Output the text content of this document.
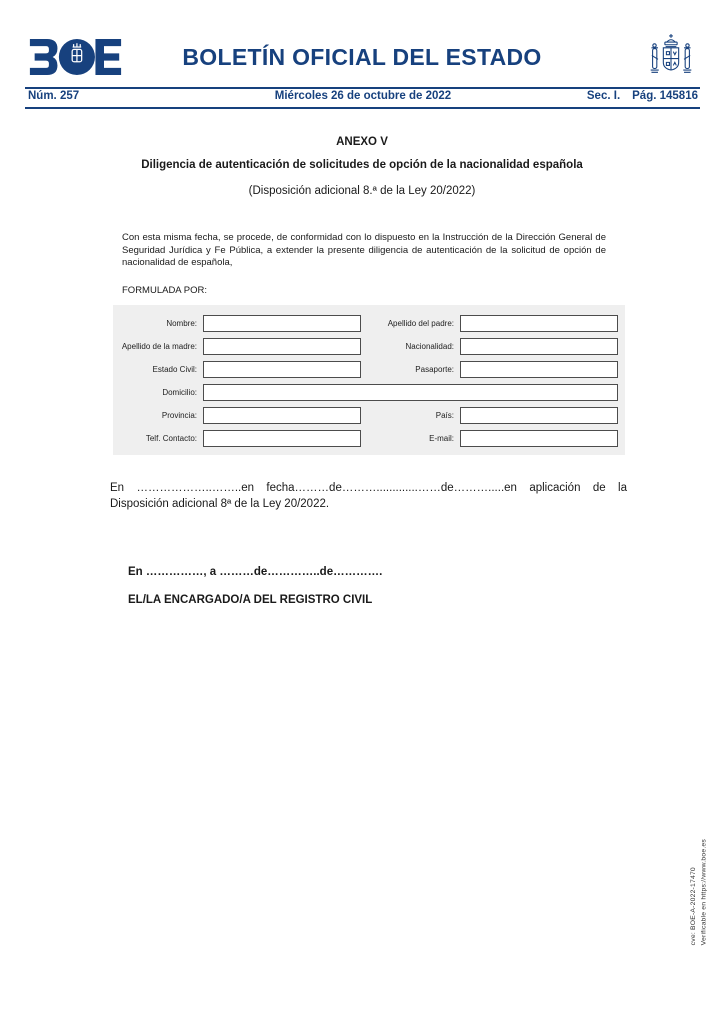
BOLETÍN OFICIAL DEL ESTADO
Núm. 257	Miércoles 26 de octubre de 2022	Sec. I. Pág. 145816
ANEXO V
Diligencia de autenticación de solicitudes de opción de la nacionalidad española
(Disposición adicional 8.ª de la Ley 20/2022)
Con esta misma fecha, se procede, de conformidad con lo dispuesto en la Instrucción de la Dirección General de Seguridad Jurídica y Fe Pública, a extender la presente diligencia de autenticación de la solicitud de opción de nacionalidad de española,
FORMULADA POR:
Nombre:	Apellido del padre:
Apellido de la madre:	Nacionalidad:
Estado Civil:	Pasaporte:
Domicilio:
Provincia:	País:
Telf. Contacto:	E-mail:
En ………………..……..en fecha………de……….............……de……….....en aplicación de la Disposición adicional 8ª de la Ley 20/2022.
En ……………, a ………de…………..de………….
EL/LA ENCARGADO/A DEL REGISTRO CIVIL
cve: BOE-A-2022-17470 Verificable en https://www.boe.es
